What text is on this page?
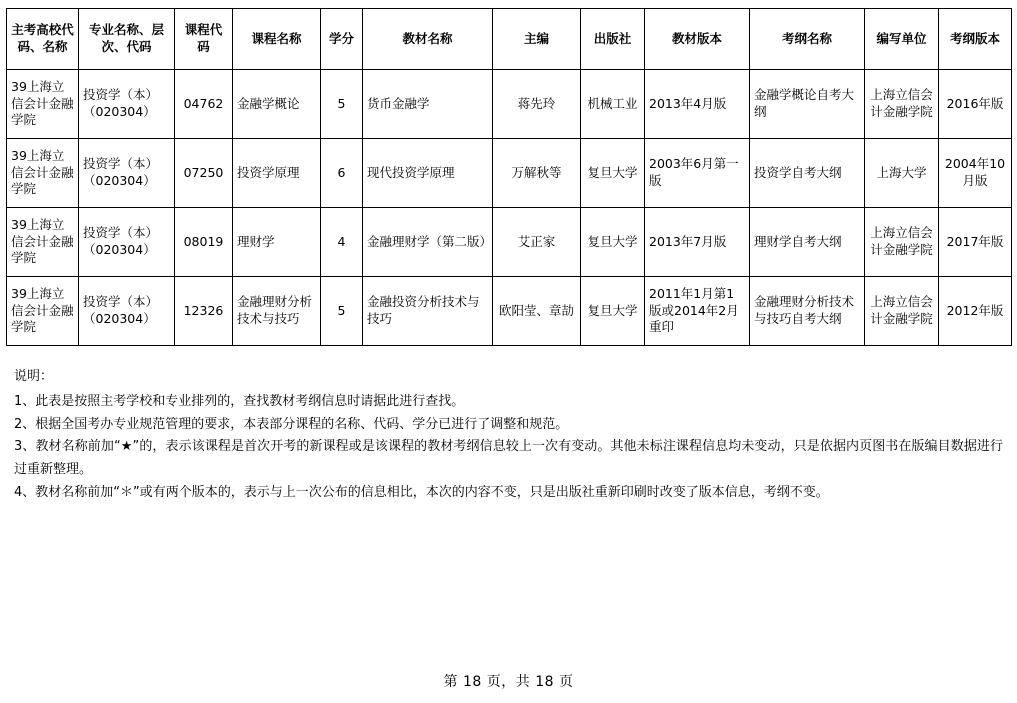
主考高校代码、名称	专业名称、层次、代码	课程代码	课程名称	学分	教材名称	主编	出版社	教材版本	考纲名称	编写单位	考纲版本
39上海立信会计金融学院	投资学（本）（020304）	04762	金融学概论	5	货币金融学	蒋先玲	机械工业	2013年4月版	金融学概论自考大纲	上海立信会计金融学院	2016年版
39上海立信会计金融学院	投资学（本）（020304）	07250	投资学原理	6	现代投资学原理	万解秋等	复旦大学	2003年6月第一版	投资学自考大纲	上海大学	2004年10月版
39上海立信会计金融学院	投资学（本）（020304）	08019	理财学	4	金融理财学（第二版）	艾正家	复旦大学	2013年7月版	理财学自考大纲	上海立信会计金融学院	2017年版
39上海立信会计金融学院	投资学（本）（020304）	12326	金融理财分析技术与技巧	5	金融投资分析技术与技巧	欧阳莹、章劼	复旦大学	2011年1月第1版或2014年2月重印	金融理财分析技术与技巧自考大纲	上海立信会计金融学院	2012年版

说明：

1、此表是按照主考学校和专业排列的，查找教材考纲信息时请据此进行查找。

2、根据全国考办专业规范管理的要求，本表部分课程的名称、代码、学分已进行了调整和规范。

3、教材名称前加“★”的，表示该课程是首次开考的新课程或是该课程的教材考纲信息较上一次有变动。其他未标注课程信息均未变动，只是依据内页图书在版编目数据进行过重新整理。

4、教材名称前加“＊”或有两个版本的，表示与上一次公布的信息相比，本次的内容不变，只是出版社重新印刷时改变了版本信息，考纲不变。

第 18 页，共 18 页
